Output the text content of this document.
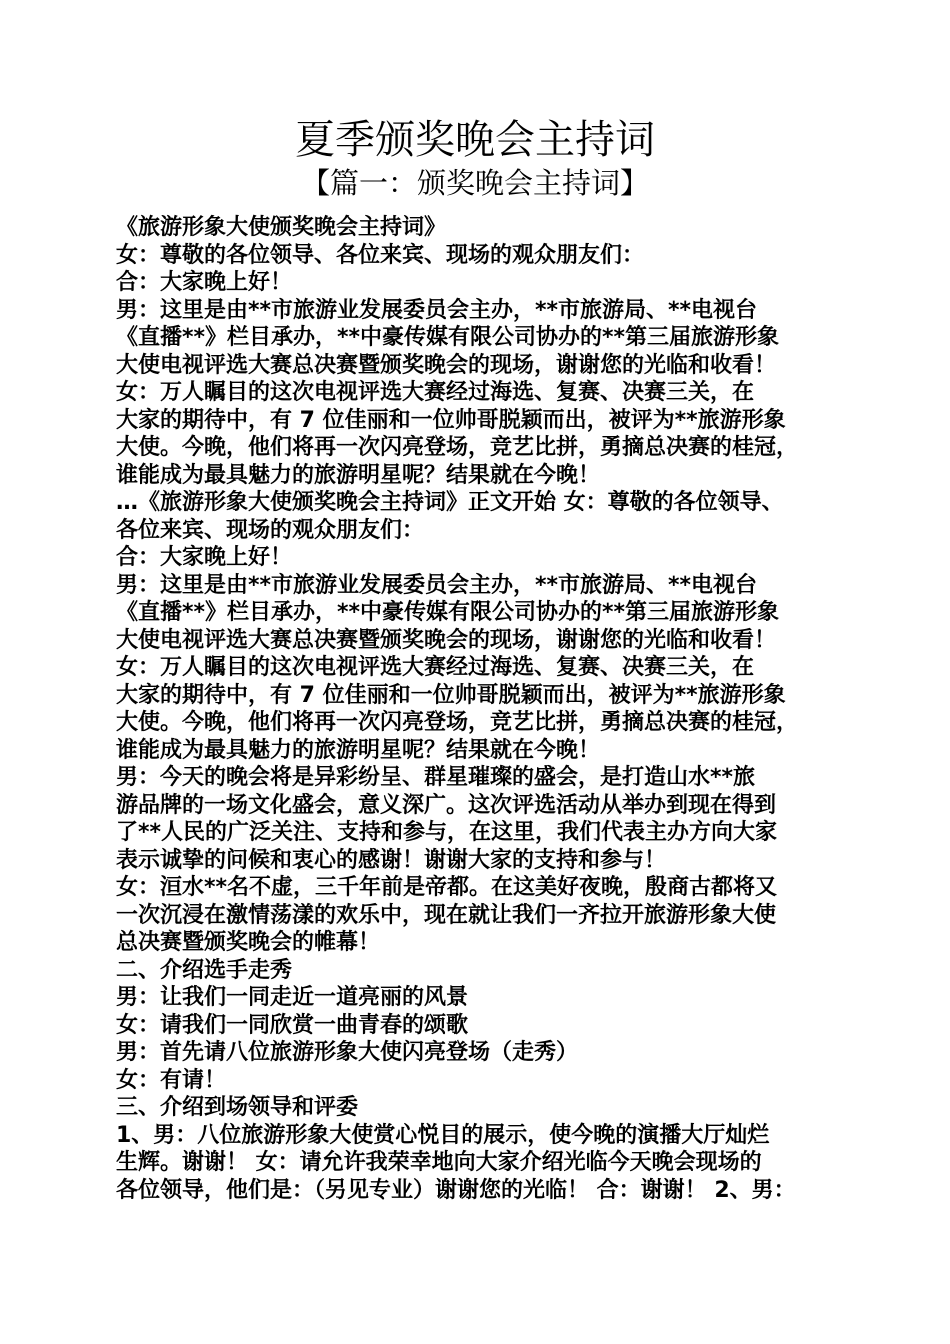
夏季颁奖晚会主持词
【篇一：颁奖晚会主持词】
《旅游形象大使颁奖晚会主持词》
女：尊敬的各位领导、各位来宾、现场的观众朋友们：
合：大家晚上好！
男：这里是由**市旅游业发展委员会主办，**市旅游局、**电视台
《直播**》栏目承办，**中豪传媒有限公司协办的**第三届旅游形象
大使电视评选大赛总决赛暨颁奖晚会的现场，谢谢您的光临和收看！
女：万人瞩目的这次电视评选大赛经过海选、复赛、决赛三关，在
大家的期待中，有 7 位佳丽和一位帅哥脱颖而出，被评为**旅游形象
大使。今晚，他们将再一次闪亮登场，竞艺比拼，勇摘总决赛的桂冠，
谁能成为最具魅力的旅游明星呢？结果就在今晚！
…《旅游形象大使颁奖晚会主持词》正文开始 女：尊敬的各位领导、
各位来宾、现场的观众朋友们：
合：大家晚上好！
男：这里是由**市旅游业发展委员会主办，**市旅游局、**电视台
《直播**》栏目承办，**中豪传媒有限公司协办的**第三届旅游形象
大使电视评选大赛总决赛暨颁奖晚会的现场，谢谢您的光临和收看！
女：万人瞩目的这次电视评选大赛经过海选、复赛、决赛三关，在
大家的期待中，有 7 位佳丽和一位帅哥脱颖而出，被评为**旅游形象
大使。今晚，他们将再一次闪亮登场，竞艺比拼，勇摘总决赛的桂冠，
谁能成为最具魅力的旅游明星呢？结果就在今晚！
男：今天的晚会将是异彩纷呈、群星璀璨的盛会，是打造山水**旅
游品牌的一场文化盛会，意义深广。这次评选活动从举办到现在得到
了**人民的广泛关注、支持和参与，在这里，我们代表主办方向大家
表示诚挚的问候和衷心的感谢！谢谢大家的支持和参与！
女：洹水**名不虚，三千年前是帝都。在这美好夜晚，殷商古都将又
一次沉浸在激情荡漾的欢乐中，现在就让我们一齐拉开旅游形象大使
总决赛暨颁奖晚会的帷幕！
二、介绍选手走秀
男：让我们一同走近一道亮丽的风景
女：请我们一同欣赏一曲青春的颂歌
男：首先请八位旅游形象大使闪亮登场（走秀）
女：有请！
三、介绍到场领导和评委
1、男：八位旅游形象大使赏心悦目的展示，使今晚的演播大厅灿烂
生辉。谢谢！ 女：请允许我荣幸地向大家介绍光临今天晚会现场的
各位领导，他们是：（另见专业）谢谢您的光临！ 合：谢谢！ 2、男：
